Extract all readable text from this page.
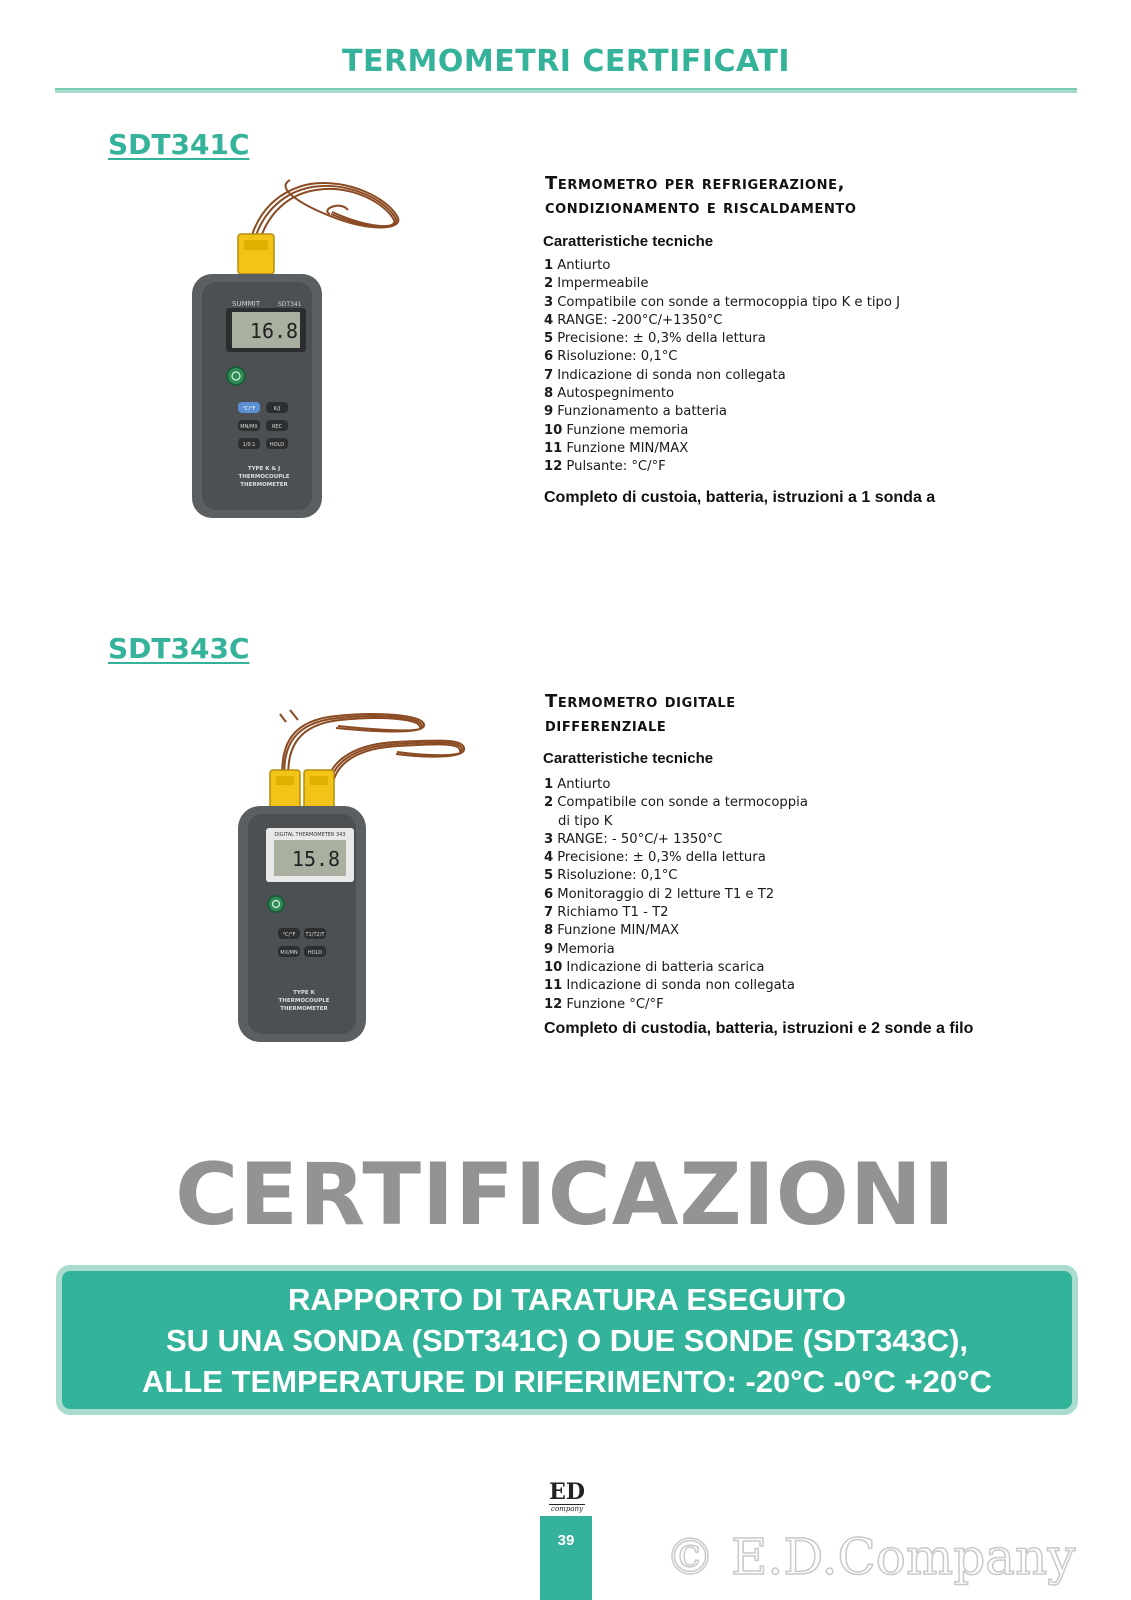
TERMOMETRI CERTIFICATI
SDT341C
SUMMIT	SDT341
16.8
°C/°F	K/J
MN/MX	REC
1/0.1	HOLD
TYPE K & J
THERMOCOUPLE
THERMOMETER
Termometro per refrigerazione,
condizionamento e riscaldamento
Caratteristiche tecniche
1 Antiurto
2 Impermeabile
3 Compatibile con sonde a termocoppia tipo K e tipo J
4 RANGE: -200°C/+1350°C
5 Precisione: ± 0,3% della lettura
6 Risoluzione: 0,1°C
7 Indicazione di sonda non collegata
8 Autospegnimento
9 Funzionamento a batteria
10 Funzione memoria
11 Funzione MIN/MAX
12 Pulsante: °C/°F
Completo di custoia, batteria, istruzioni a 1 sonda a
SDT343C
DIGITAL THERMOMETER 343
15.8
°C/°F T1/T2/T
MX/MN HOLD
TYPE K
THERMOCOUPLE
THERMOMETER
Termometro digitale
differenziale
Caratteristiche tecniche
1 Antiurto
2 Compatibile con sonde a termocoppia
di tipo K
3 RANGE: - 50°C/+ 1350°C
4 Precisione: ± 0,3% della lettura
5 Risoluzione: 0,1°C
6 Monitoraggio di 2 letture T1 e T2
7 Richiamo T1 - T2
8 Funzione MIN/MAX
9 Memoria
10 Indicazione di batteria scarica
11 Indicazione di sonda non collegata
12 Funzione °C/°F
Completo di custodia, batteria, istruzioni e 2 sonde a filo
CERTIFICAZIONI
RAPPORTO DI TARATURA ESEGUITO
SU UNA SONDA (SDT341C) O DUE SONDE (SDT343C),
ALLE TEMPERATURE DI RIFERIMENTO: -20°C -0°C +20°C
ED
company
39	© E.D.Company
